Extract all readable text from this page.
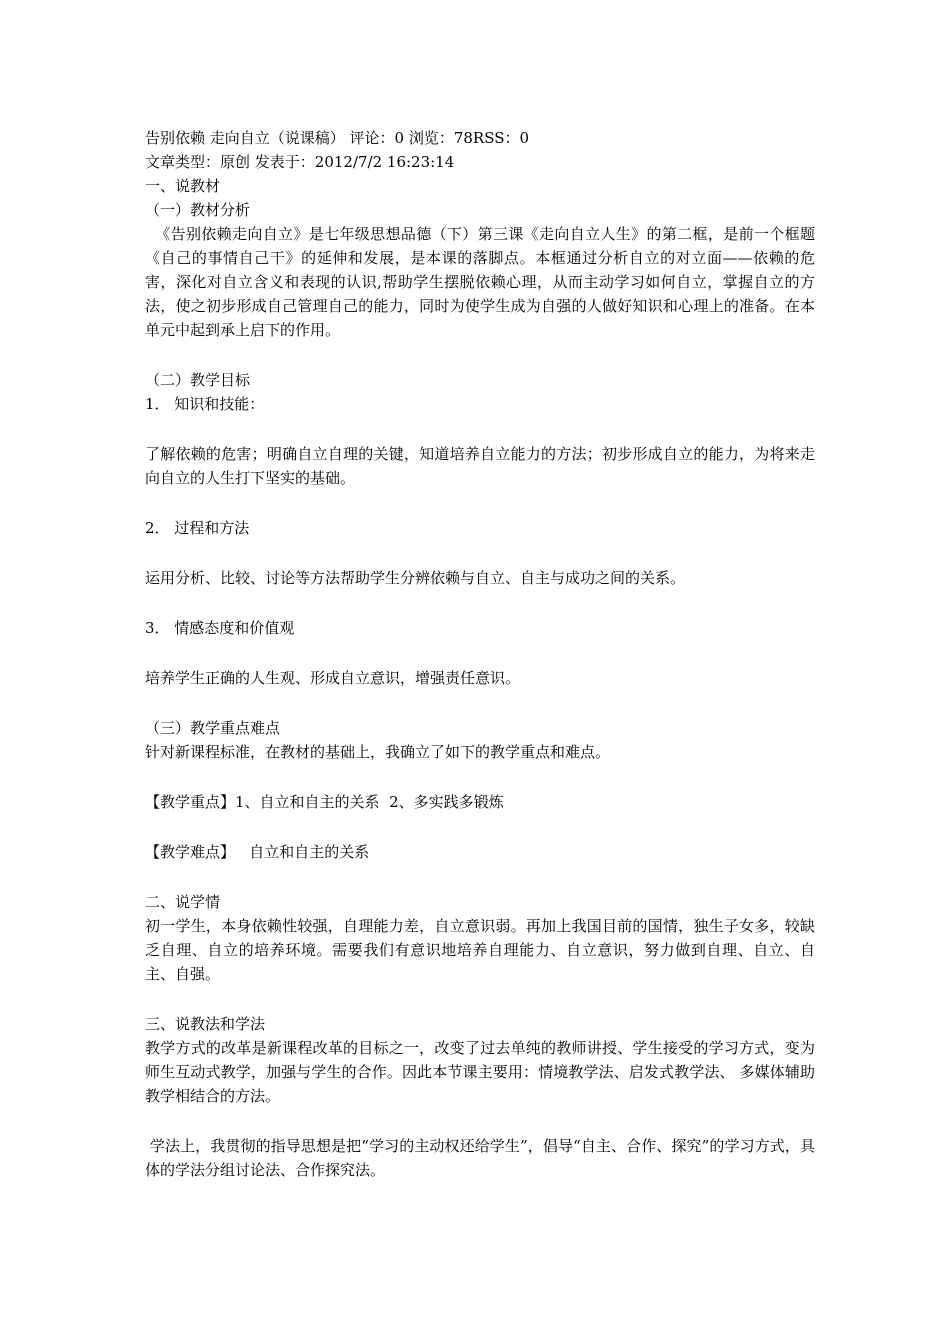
告别依赖 走向自立（说课稿） 评论：0 浏览：78RSS：0

文章类型：原创 发表于：2012/7/2 16:23:14

一、说教材

（一）教材分析

《告别依赖走向自立》是七年级思想品德（下）第三课《走向自立人生》的第二框，是前一个框题《自己的事情自己干》的延伸和发展，是本课的落脚点。本框通过分析自立的对立面——依赖的危害，深化对自立含义和表现的认识,帮助学生摆脱依赖心理，从而主动学习如何自立，掌握自立的方法，使之初步形成自己管理自己的能力，同时为使学生成为自强的人做好知识和心理上的准备。在本单元中起到承上启下的作用。

（二）教学目标

1． 知识和技能：

了解依赖的危害；明确自立自理的关键，知道培养自立能力的方法；初步形成自立的能力，为将来走向自立的人生打下坚实的基础。

2． 过程和方法

运用分析、比较、讨论等方法帮助学生分辨依赖与自立、自主与成功之间的关系。

3． 情感态度和价值观

培养学生正确的人生观、形成自立意识，增强责任意识。

（三）教学重点难点

针对新课程标准，在教材的基础上，我确立了如下的教学重点和难点。

【教学重点】1、自立和自主的关系  2、多实践多锻炼

【教学难点】   自立和自主的关系

二、说学情

初一学生，本身依赖性较强，自理能力差，自立意识弱。再加上我国目前的国情，独生子女多，较缺乏自理、自立的培养环境。需要我们有意识地培养自理能力、自立意识，努力做到自理、自立、自主、自强。

三、说教法和学法

教学方式的改革是新课程改革的目标之一，改变了过去单纯的教师讲授、学生接受的学习方式，变为师生互动式教学，加强与学生的合作。因此本节课主要用：情境教学法、启发式教学法、 多媒体辅助教学相结合的方法。

学法上，我贯彻的指导思想是把“学习的主动权还给学生”，倡导“自主、合作、探究”的学习方式，具体的学法分组讨论法、合作探究法。
